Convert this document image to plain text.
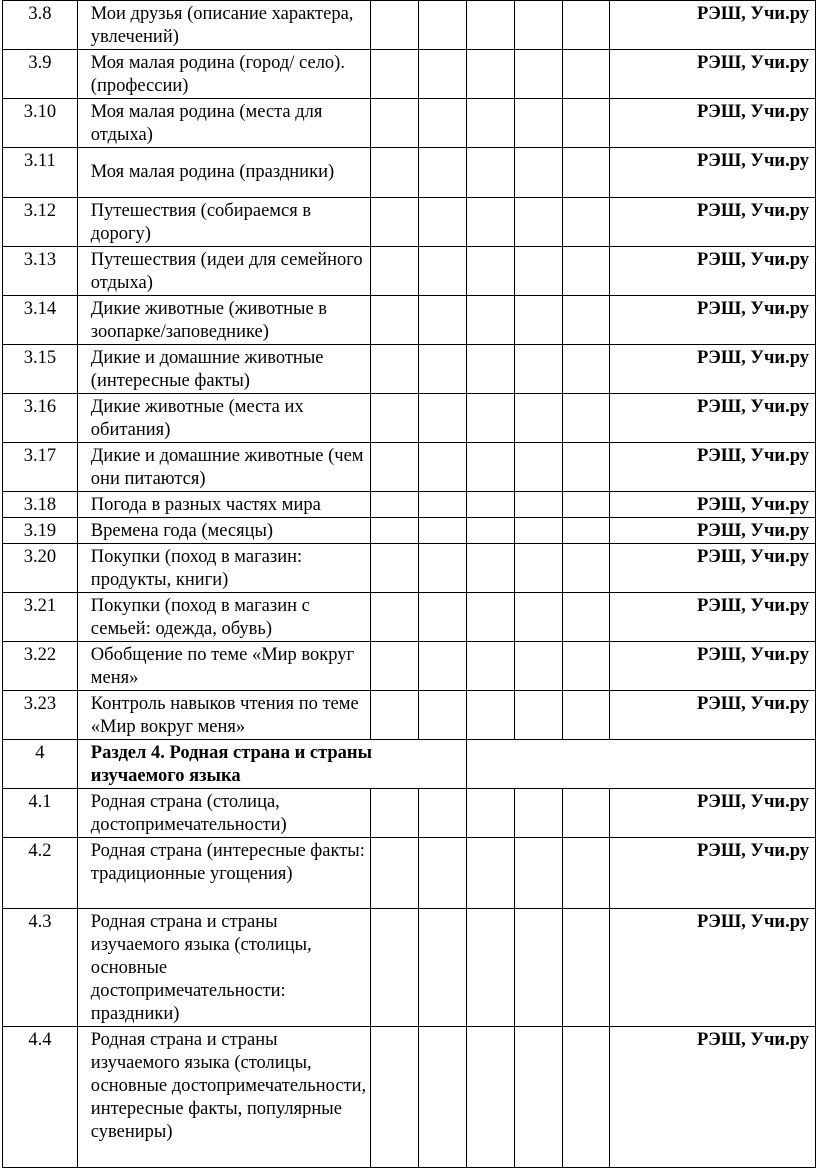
3.8	Мои друзья (описание характера, увлечений)						РЭШ, Учи.ру
3.9	Моя малая родина (город/ село). (профессии)						РЭШ, Учи.ру
3.10	Моя малая родина (места для отдыха)						РЭШ, Учи.ру
3.11	Моя малая родина (праздники)						РЭШ, Учи.ру
3.12	Путешествия (собираемся в дорогу)						РЭШ, Учи.ру
3.13	Путешествия (идеи для семейного отдыха)						РЭШ, Учи.ру
3.14	Дикие животные (животные в зоопарке/заповеднике)						РЭШ, Учи.ру
3.15	Дикие и домашние животные (интересные факты)						РЭШ, Учи.ру
3.16	Дикие животные (места их обитания)						РЭШ, Учи.ру
3.17	Дикие и домашние животные (чем они питаются)						РЭШ, Учи.ру
3.18	Погода в разных частях мира						РЭШ, Учи.ру
3.19	Времена года (месяцы)						РЭШ, Учи.ру
3.20	Покупки (поход в магазин: продукты, книги)						РЭШ, Учи.ру
3.21	Покупки (поход в магазин с семьей: одежда, обувь)						РЭШ, Учи.ру
3.22	Обобщение по теме «Мир вокруг меня»						РЭШ, Учи.ру
3.23	Контроль навыков чтения по теме «Мир вокруг меня»						РЭШ, Учи.ру
4	Раздел 4. Родная страна и страны изучаемого языка						
4.1	Родная страна (столица, достопримечательности)						РЭШ, Учи.ру
4.2	Родная страна (интересные факты: традиционные угощения)						РЭШ, Учи.ру
4.3	Родная страна и страны изучаемого языка (столицы, основные достопримечательности: праздники)						РЭШ, Учи.ру
4.4	Родная страна и страны изучаемого языка (столицы, основные достопримечательности, интересные факты, популярные сувениры)						РЭШ, Учи.ру
